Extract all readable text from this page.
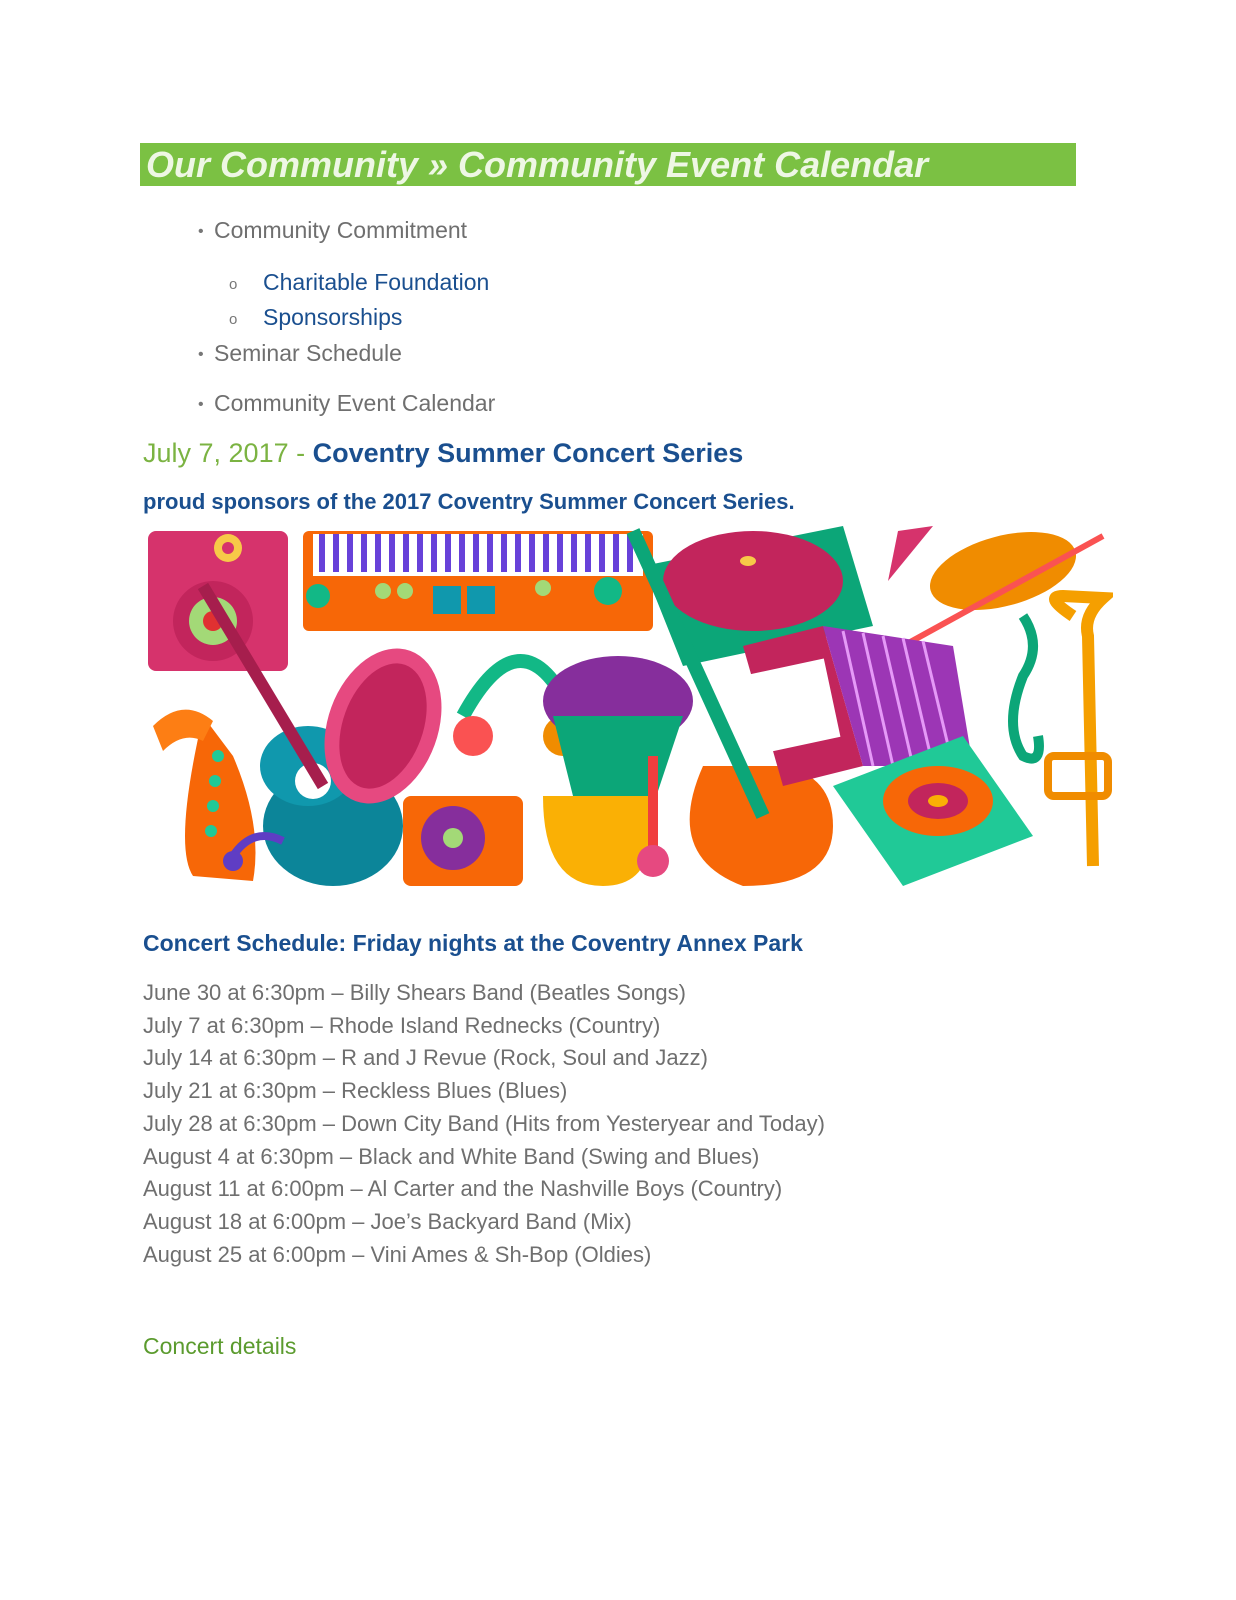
Our Community » Community Event Calendar
• Community Commitment
o Charitable Foundation
o Sponsorships
• Seminar Schedule
• Community Event Calendar
July 7, 2017 - Coventry Summer Concert Series
proud sponsors of the 2017 Coventry Summer Concert Series.
Concert Schedule: Friday nights at the Coventry Annex Park
June 30 at 6:30pm – Billy Shears Band (Beatles Songs)
July 7 at 6:30pm – Rhode Island Rednecks (Country)
July 14 at 6:30pm – R and J Revue (Rock, Soul and Jazz)
July 21 at 6:30pm – Reckless Blues (Blues)
July 28 at 6:30pm – Down City Band (Hits from Yesteryear and Today)
August 4 at 6:30pm – Black and White Band (Swing and Blues)
August 11 at 6:00pm – Al Carter and the Nashville Boys (Country)
August 18 at 6:00pm – Joe’s Backyard Band (Mix)
August 25 at 6:00pm – Vini Ames & Sh-Bop (Oldies)
Concert details
